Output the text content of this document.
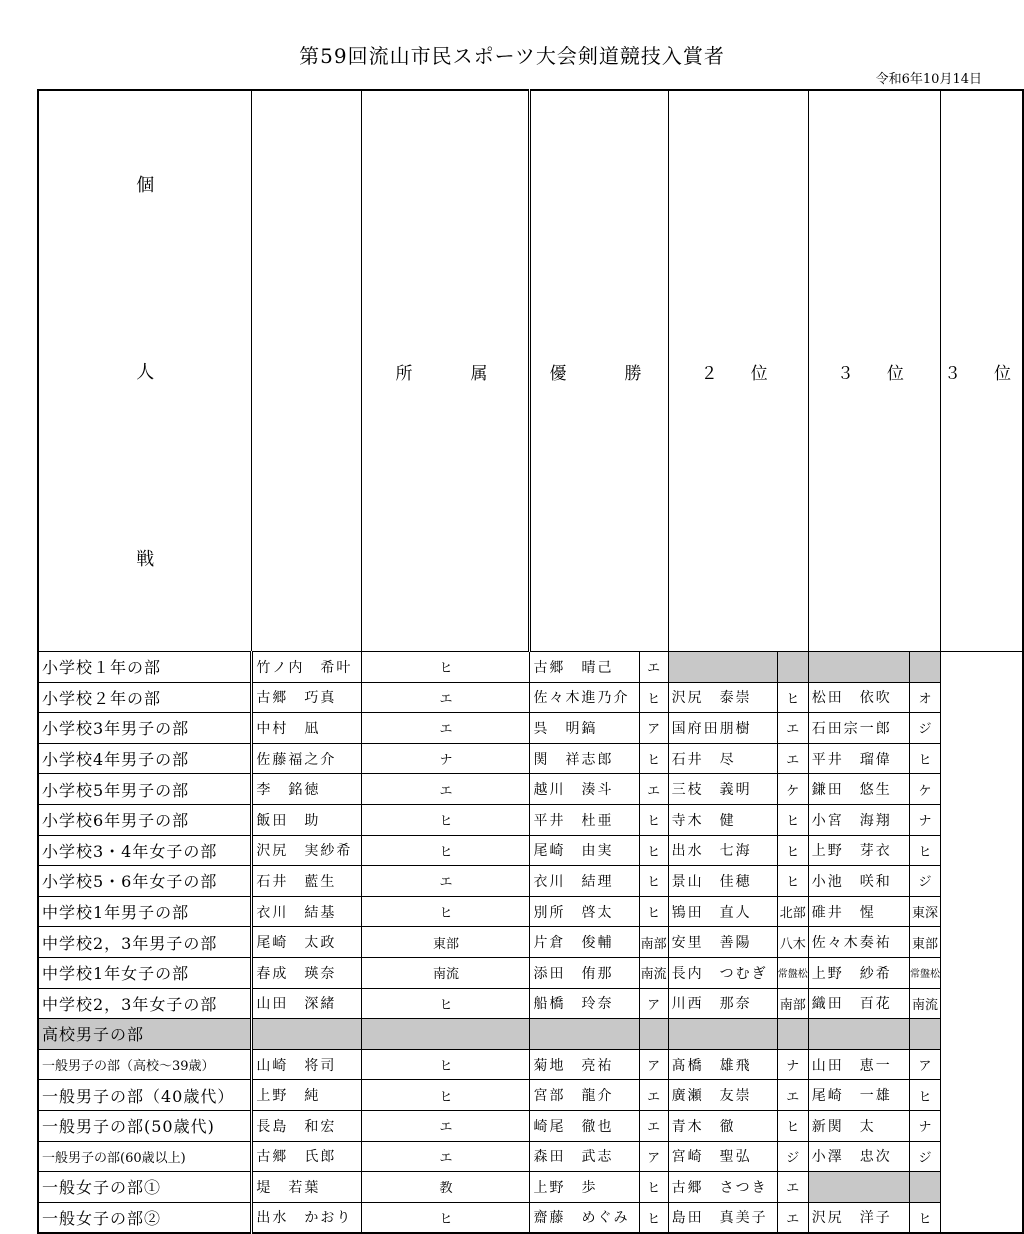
第59回流山市民スポーツ大会剣道競技入賞者
令和6年10月14日
個
人
戦		所　　属	優　　勝		２　位		３　位		３　位
小学校１年の部	竹ノ内　希叶	ヒ	古郷　晴己	エ					
小学校２年の部	古郷　巧真	エ	佐々木進乃介	ヒ	沢尻　泰崇	ヒ	松田　依吹	オ	
小学校3年男子の部	中村　凪	エ	呉　明鎬	ア	国府田朋樹	エ	石田宗一郎	ジ	
小学校4年男子の部	佐藤福之介	ナ	関　祥志郎	ヒ	石井　尽	エ	平井　瑠偉	ヒ	
小学校5年男子の部	李　銘徳	エ	越川　湊斗	エ	三枝　義明	ケ	鎌田　悠生	ケ	
小学校6年男子の部	飯田　助	ヒ	平井　杜亜	ヒ	寺木　健	ヒ	小宮　海翔	ナ	
小学校3・4年女子の部	沢尻　実紗希	ヒ	尾崎　由実	ヒ	出水　七海	ヒ	上野　芽衣	ヒ	
小学校5・6年女子の部	石井　藍生	エ	衣川　結理	ヒ	景山　佳穂	ヒ	小池　咲和	ジ	
中学校1年男子の部	衣川　結基	ヒ	別所　啓太	ヒ	鴇田　直人	北部	碓井　惺	東深	
中学校2，3年男子の部	尾崎　太政	東部	片倉　俊輔	南部	安里　善陽	八木	佐々木奏祐	東部	
中学校1年女子の部	春成　瑛奈	南流	添田　侑那	南流	長内　つむぎ	常盤松	上野　紗希	常盤松	
中学校2，3年女子の部	山田　深緒	ヒ	船橋　玲奈	ア	川西　那奈	南部	織田　百花	南流	
高校男子の部									
一般男子の部（高校～39歳）	山崎　将司	ヒ	菊地　亮祐	ア	髙橋　雄飛	ナ	山田　恵一	ア	
一般男子の部（40歳代）	上野　純	ヒ	宮部　龍介	エ	廣瀬　友崇	エ	尾崎　一雄	ヒ	
一般男子の部(50歳代)	長島　和宏	エ	崎尾　徹也	エ	青木　徹	ヒ	新関　太	ナ	
一般男子の部(60歳以上)	古郷　氏郎	エ	森田　武志	ア	宮崎　聖弘	ジ	小澤　忠次	ジ	
一般女子の部①	堤　若葉	教	上野　歩	ヒ	古郷　さつき	エ			
一般女子の部②	出水　かおり	ヒ	齋藤　めぐみ	ヒ	島田　真美子	エ	沢尻　洋子	ヒ	
